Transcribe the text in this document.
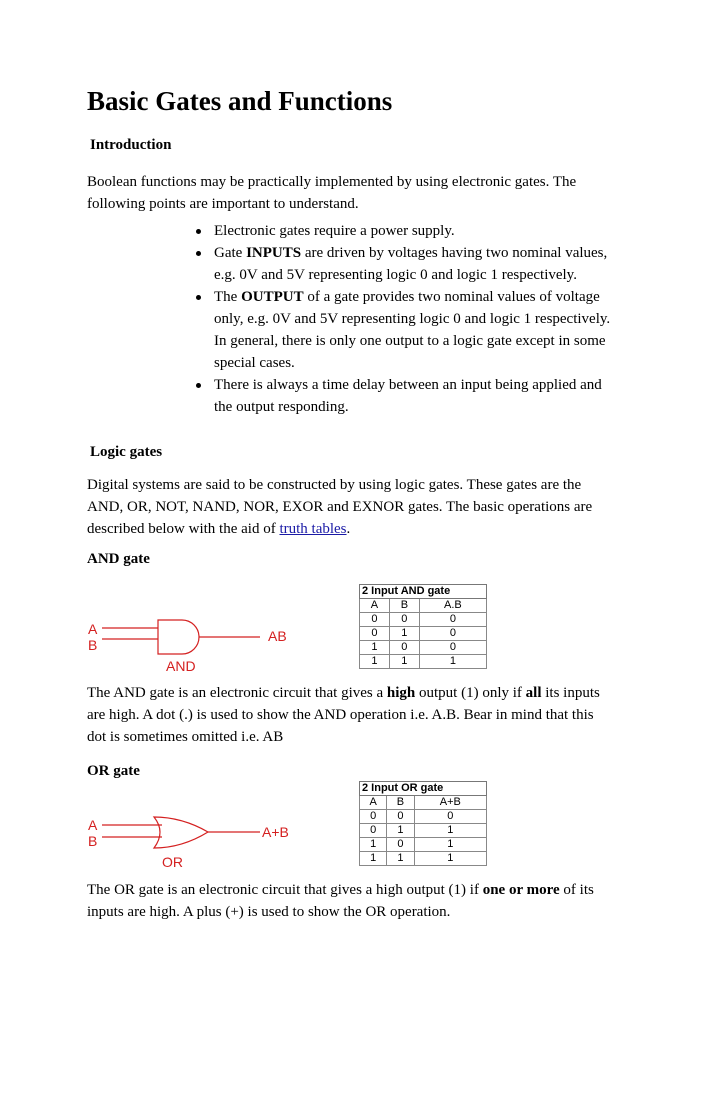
Basic Gates and Functions
Introduction
Boolean functions may be practically implemented by using electronic gates. The
following points are important to understand.
Electronic gates require a power supply.
Gate INPUTS are driven by voltages having two nominal values,
e.g. 0V and 5V representing logic 0 and logic 1 respectively.
The OUTPUT of a gate provides two nominal values of voltage
only, e.g. 0V and 5V representing logic 0 and logic 1 respectively.
In general, there is only one output to a logic gate except in some
special cases.
There is always a time delay between an input being applied and
the output responding.
Logic gates
Digital systems are said to be constructed by using logic gates. These gates are the
AND, OR, NOT, NAND, NOR, EXOR and EXNOR gates. The basic operations are
described below with the aid of truth tables.
AND gate
A
B
AB
AND
2 Input AND gate		
A	B	A.B
0	0	0
0	1	0
1	0	0
1	1	1
The AND gate is an electronic circuit that gives a high output (1) only if all its inputs
are high. A dot (.) is used to show the AND operation i.e. A.B. Bear in mind that this
dot is sometimes omitted i.e. AB
OR gate
A
B
A+B
OR
2 Input OR gate		
A	B	A+B
0	0	0
0	1	1
1	0	1
1	1	1
The OR gate is an electronic circuit that gives a high output (1) if one or more of its
inputs are high. A plus (+) is used to show the OR operation.
